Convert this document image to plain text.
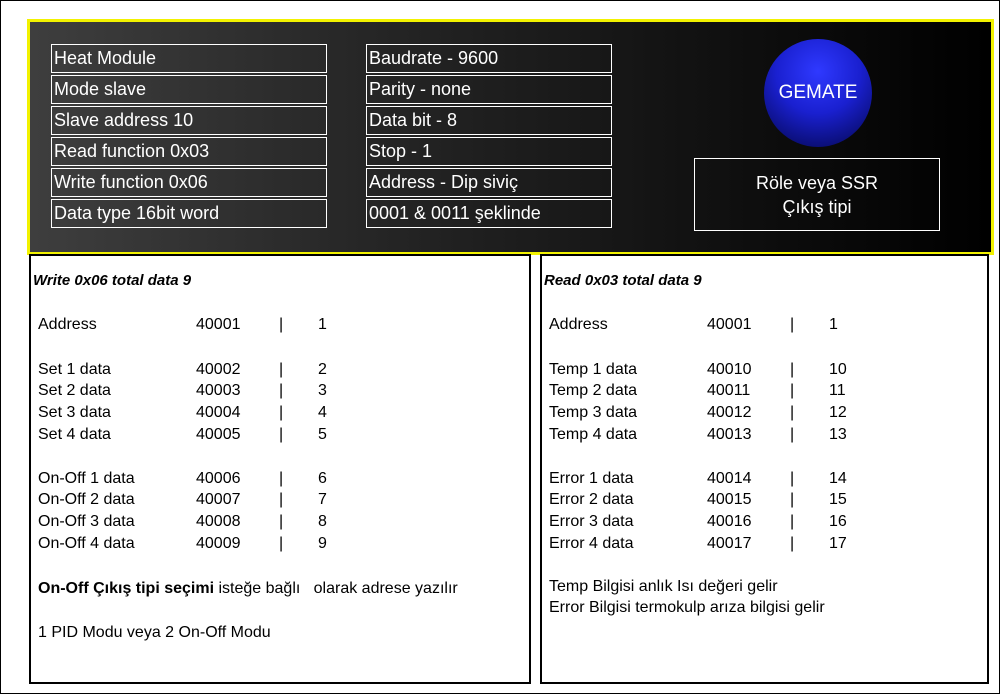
Heat Module
Mode slave
Slave address 10
Read function 0x03
Write function 0x06
Data type 16bit word
Baudrate - 9600
Parity - none
Data bit - 8
Stop - 1
Address - Dip siviç
0001 & 0011 şeklinde
GEMATE
Röle veya SSR
Çıkış tipi
Write 0x06 total data 9
Address	40001 | 1
Set 1 data	40002 | 2
Set 2 data	40003 | 3
Set 3 data	40004 | 4
Set 4 data	40005 | 5
On-Off 1 data	40006 | 6
On-Off 2 data	40007 | 7
On-Off 3 data	40008 | 8
On-Off 4 data	40009 | 9
On-Off Çıkış tipi seçimi isteğe bağlı   olarak adrese yazılır
1 PID Modu veya 2 On-Off Modu
Read 0x03 total data 9
Address	40001 | 1
Temp 1 data	40010 | 10
Temp 2 data	40011 | 11
Temp 3 data	40012 | 12
Temp 4 data	40013 | 13
Error 1 data	40014 | 14
Error 2 data	40015 | 15
Error 3 data	40016 | 16
Error 4 data	40017 | 17
Temp Bilgisi anlık Isı değeri gelir
Error Bilgisi termokulp arıza bilgisi gelir
